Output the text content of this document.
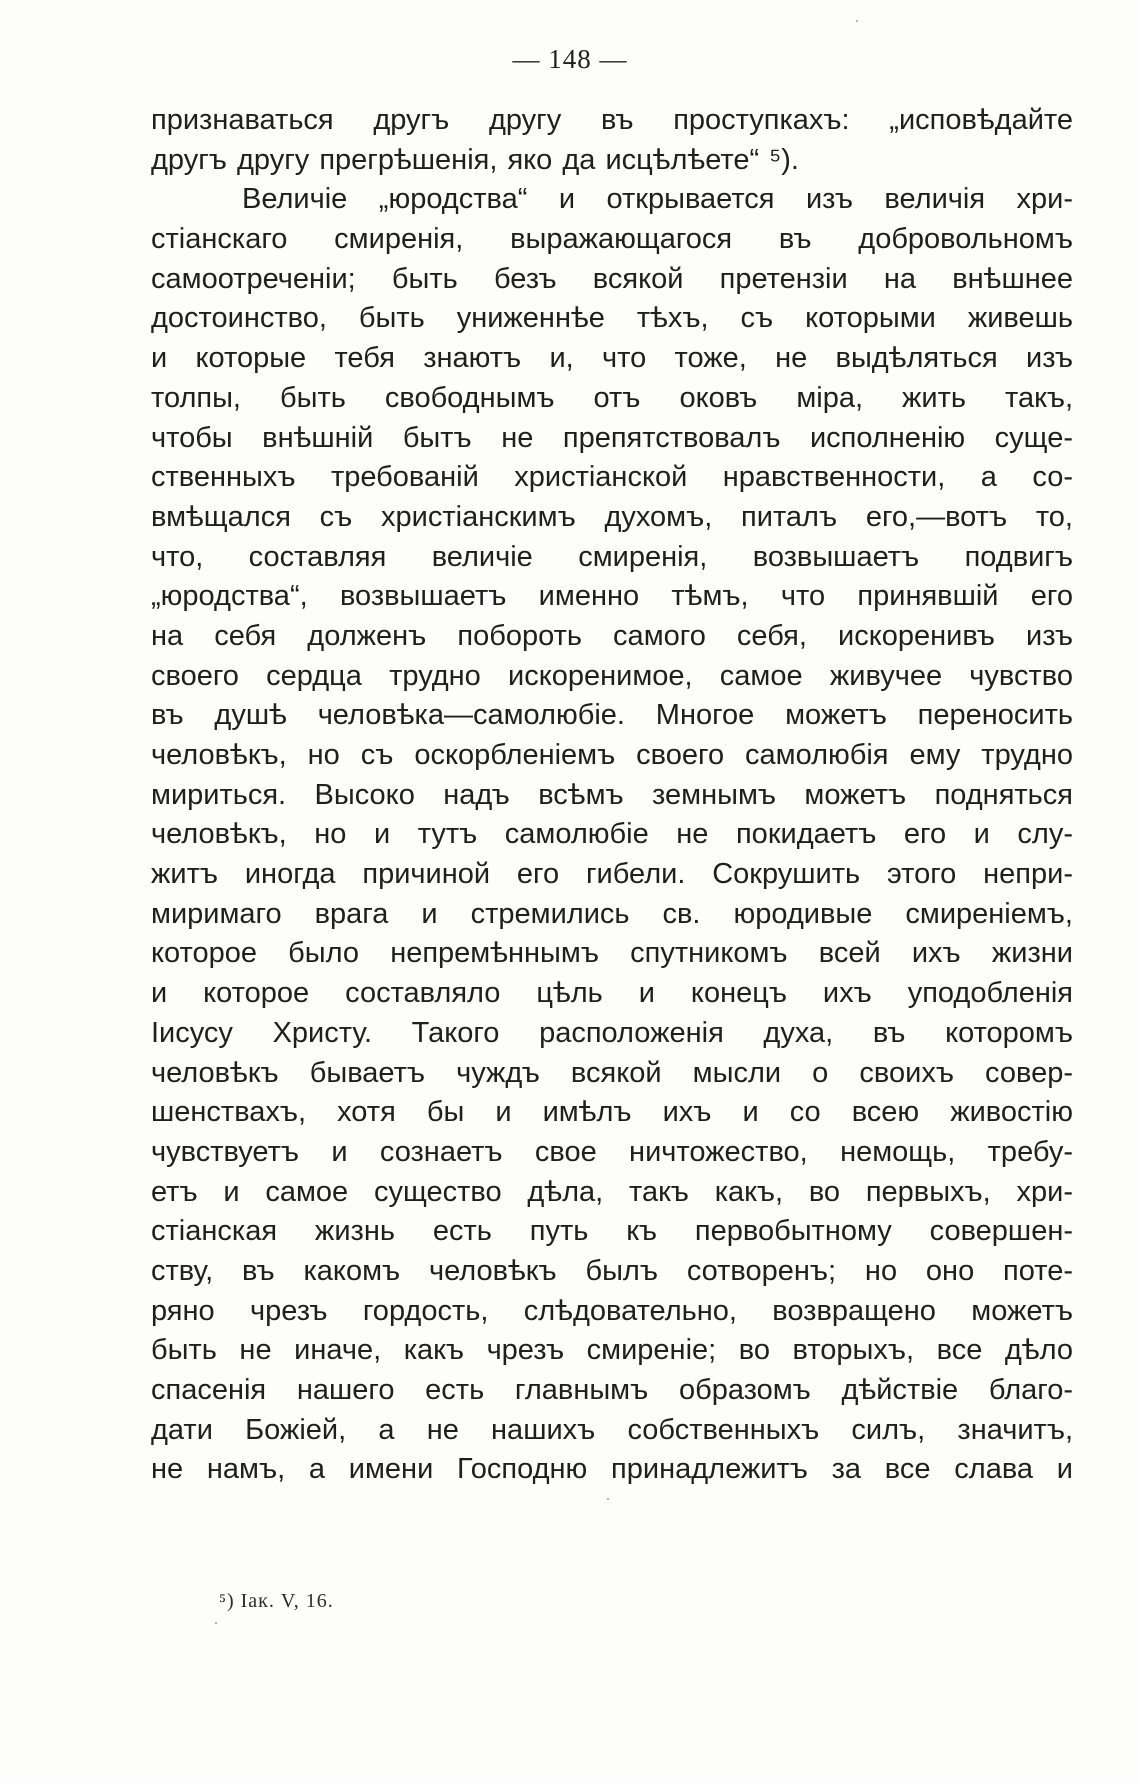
— 148 —
признаваться другъ другу въ проступкахъ: „исповѣдайте
другъ другу прегрѣшенія, яко да исцѣлѣете“ ⁵).
Величіе „юродства“ и открывается изъ величія хри-
стіанскаго смиренія, выражающагося въ добровольномъ
самоотреченіи; быть безъ всякой претензіи на внѣшнее
достоинство, быть униженнѣе тѣхъ, съ которыми живешь
и которые тебя знаютъ и, что тоже, не выдѣляться изъ
толпы, быть свободнымъ отъ оковъ міра, жить такъ,
чтобы внѣшній бытъ не препятствовалъ исполненію суще-
ственныхъ требованій христіанской нравственности, а со-
вмѣщался съ христіанскимъ духомъ, питалъ его,—вотъ то,
что, составляя величіе смиренія, возвышаетъ подвигъ
„юродства“, возвышаетъ именно тѣмъ, что принявшій его
на себя долженъ побороть самого себя, искоренивъ изъ
своего сердца трудно искоренимое, самое живучее чувство
въ душѣ человѣка—самолюбіе. Многое можетъ переносить
человѣкъ, но съ оскорбленіемъ своего самолюбія ему трудно
мириться. Высоко надъ всѣмъ земнымъ можетъ подняться
человѣкъ, но и тутъ самолюбіе не покидаетъ его и слу-
житъ иногда причиной его гибели. Сокрушить этого непри-
миримаго врага и стремились св. юродивые смиреніемъ,
которое было непремѣннымъ спутникомъ всей ихъ жизни
и которое составляло цѣль и конецъ ихъ уподобленія
Іисусу Христу. Такого расположенія духа, въ которомъ
человѣкъ бываетъ чуждъ всякой мысли о своихъ совер-
шенствахъ, хотя бы и имѣлъ ихъ и со всею живостію
чувствуетъ и сознаетъ свое ничтожество, немощь, требу-
етъ и самое существо дѣла, такъ какъ, во первыхъ, хри-
стіанская жизнь есть путь къ первобытному совершен-
ству, въ какомъ человѣкъ былъ сотворенъ; но оно поте-
ряно чрезъ гордость, слѣдовательно, возвращено можетъ
быть не иначе, какъ чрезъ смиреніе; во вторыхъ, все дѣло
спасенія нашего есть главнымъ образомъ дѣйствіе благо-
дати Божіей, а не нашихъ собственныхъ силъ, значитъ,
не намъ, а имени Господню принадлежитъ за все слава и
⁵) Іак. V, 16.
